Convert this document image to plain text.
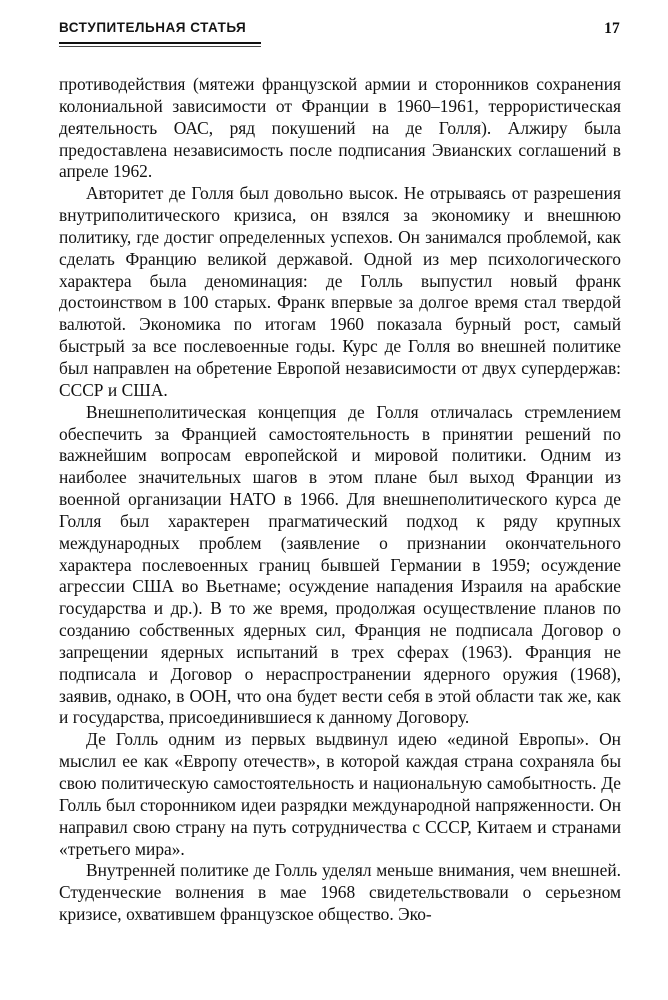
ВСТУПИТЕЛЬНАЯ СТАТЬЯ	17

противодействия (мятежи французской армии и сторонников сохранения колониальной зависимости от Франции в 1960–1961, террористическая деятельность ОАС, ряд покушений на де Голля). Алжиру была предоставлена независимость после подписания Эвианских соглашений в апреле 1962.

Авторитет де Голля был довольно высок. Не отрываясь от разрешения внутриполитического кризиса, он взялся за экономику и внешнюю политику, где достиг определенных успехов. Он занимался проблемой, как сделать Францию великой державой. Одной из мер психологического характера была деноминация: де Голль выпустил новый франк достоинством в 100 старых. Франк впервые за долгое время стал твердой валютой. Экономика по итогам 1960 показала бурный рост, самый быстрый за все послевоенные годы. Курс де Голля во внешней политике был направлен на обретение Европой независимости от двух супердержав: СССР и США.

Внешнеполитическая концепция де Голля отличалась стремлением обеспечить за Францией самостоятельность в принятии решений по важнейшим вопросам европейской и мировой политики. Одним из наиболее значительных шагов в этом плане был выход Франции из военной организации НАТО в 1966. Для внешнеполитического курса де Голля был характерен прагматический подход к ряду крупных международных проблем (заявление о признании окончательного характера послевоенных границ бывшей Германии в 1959; осуждение агрессии США во Вьетнаме; осуждение нападения Израиля на арабские государства и др.). В то же время, продолжая осуществление планов по созданию собственных ядерных сил, Франция не подписала Договор о запрещении ядерных испытаний в трех сферах (1963). Франция не подписала и Договор о нераспространении ядерного оружия (1968), заявив, однако, в ООН, что она будет вести себя в этой области так же, как и государства, присоединившиеся к данному Договору.

Де Голль одним из первых выдвинул идею «единой Европы». Он мыслил ее как «Европу отечеств», в которой каждая страна сохраняла бы свою политическую самостоятельность и национальную самобытность. Де Голль был сторонником идеи разрядки международной напряженности. Он направил свою страну на путь сотрудничества с СССР, Китаем и странами «третьего мира».

Внутренней политике де Голль уделял меньше внимания, чем внешней. Студенческие волнения в мае 1968 свидетельствовали о серьезном кризисе, охватившем французское общество. Эко-
